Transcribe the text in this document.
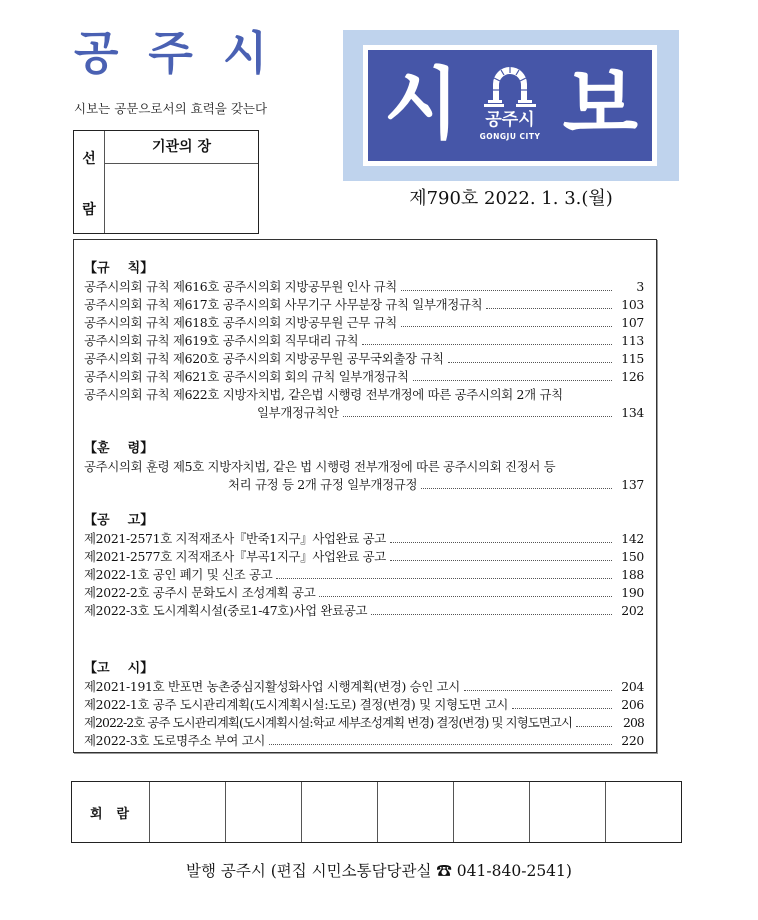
공주시
시보는 공문으로서의 효력을 갖는다
선
람
기관의 장	시	공주시
GONGJU CITY 보
제790호 2022. 1. 3.(월)
【규    칙】
공주시의회 규칙 제616호 공주시의회 지방공무원 인사 규칙	3
공주시의회 규칙 제617호 공주시의회 사무기구 사무분장 규칙 일부개정규칙	103
공주시의회 규칙 제618호 공주시의회 지방공무원 근무 규칙	107
공주시의회 규칙 제619호 공주시의회 직무대리 규칙	113
공주시의회 규칙 제620호 공주시의회 지방공무원 공무국외출장 규칙	115
공주시의회 규칙 제621호 공주시의회 회의 규칙 일부개정규칙	126
공주시의회 규칙 제622호 지방자치법, 같은법 시행령 전부개정에 따른 공주시의회 2개 규칙
일부개정규칙안	134
【훈    령】
공주시의회 훈령 제5호 지방자치법, 같은 법 시행령 전부개정에 따른 공주시의회 진정서 등
처리 규정 등 2개 규정 일부개정규정	137
【공    고】
제2021-2571호 지적재조사『반죽1지구』사업완료 공고	142
제2021-2577호 지적재조사『부곡1지구』사업완료 공고	150
제2022-1호 공인 폐기 및 신조 공고	188
제2022-2호 공주시 문화도시 조성계획 공고	190
제2022-3호 도시계획시설(중로1-47호)사업 완료공고	202
【고    시】
제2021-191호 반포면 농촌중심지활성화사업 시행계획(변경) 승인 고시	204
제2022-1호 공주 도시관리계획(도시계획시설:도로) 결정(변경) 및 지형도면 고시	206
제2022-2호 공주 도시관리계획(도시계획시설:학교 세부조성계획 변경) 결정(변경) 및 지형도면고시	208
제2022-3호 도로명주소 부여 고시	220
회람
발행 공주시 (편집 시민소통담당관실 ☎ 041-840-2541)
